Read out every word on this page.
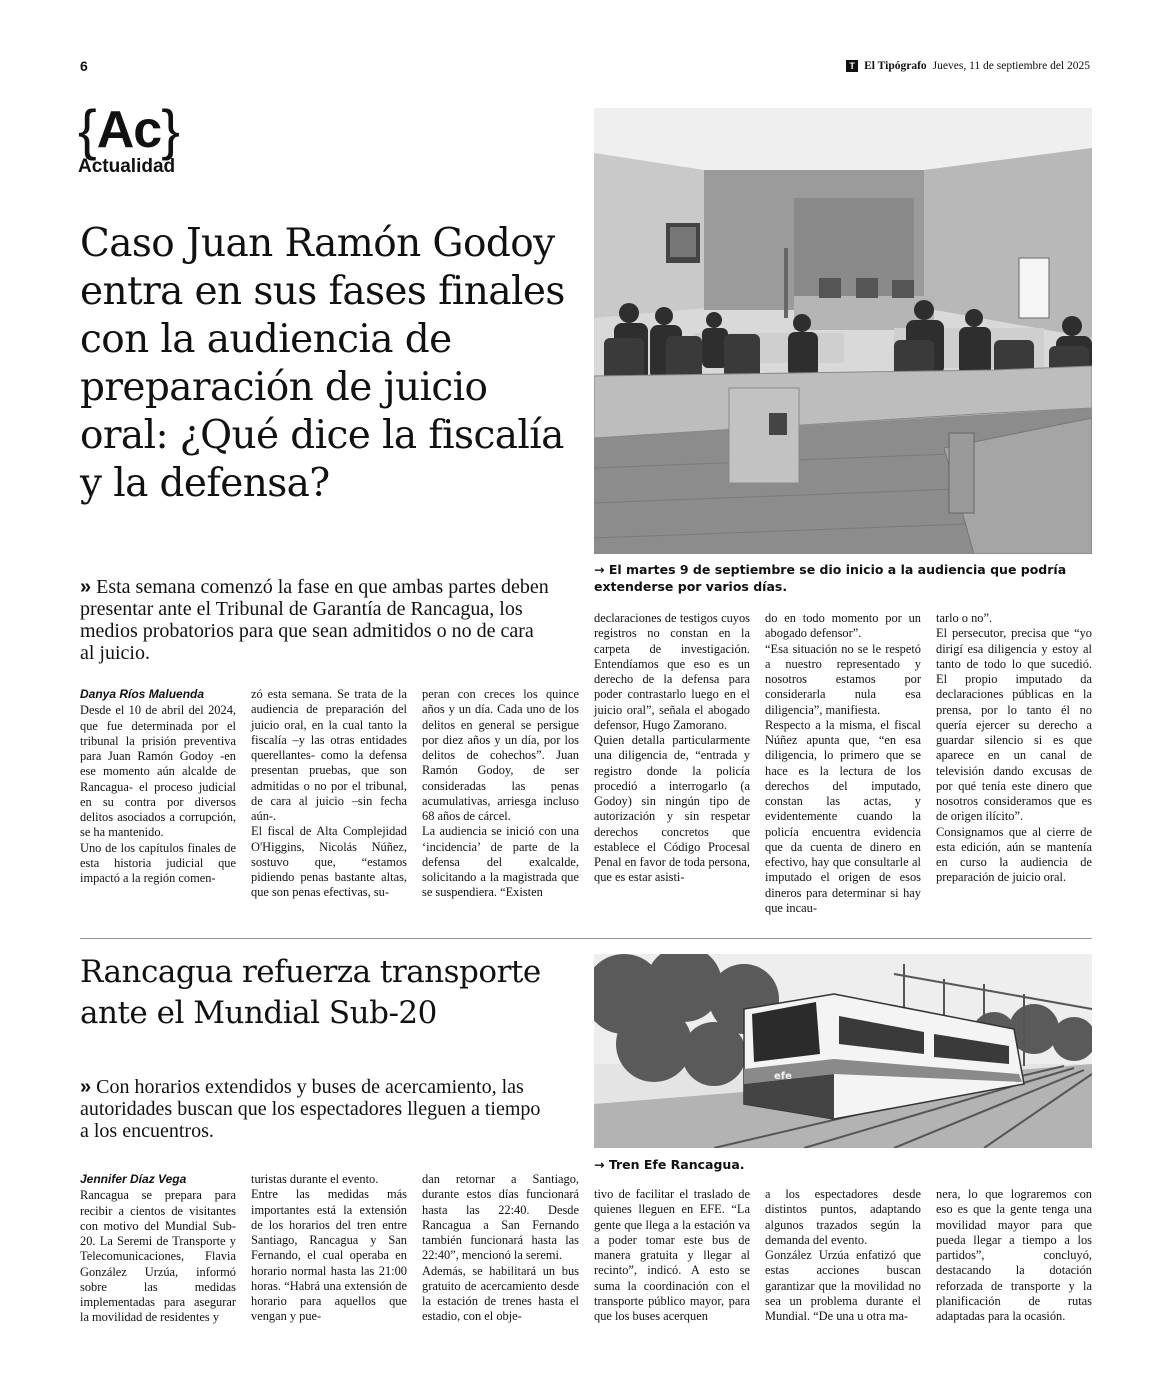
6	T El Tipógrafo Jueves, 11 de septiembre del 2025
{ Ac }
Actualidad
Caso Juan Ramón Godoy entra en sus fases finales con la audiencia de preparación de juicio oral: ¿Qué dice la fiscalía y la defensa?
→ El martes 9 de septiembre se dio inicio a la audiencia que podría extenderse por varios días.
» Esta semana comenzó la fase en que ambas partes deben presentar ante el Tribunal de Garantía de Rancagua, los medios probatorios para que sean admitidos o no de cara al juicio.

Danya Ríos Maluenda

Desde el 10 de abril del 2024, que fue determinada por el tribunal la prisión preventiva para Juan Ramón Godoy -en ese momento aún alcalde de Rancagua- el proceso judicial en su contra por diversos delitos asociados a corrupción, se ha mantenido.

Uno de los capítulos finales de esta historia judicial que impactó a la región comen-

zó esta semana. Se trata de la audiencia de preparación del juicio oral, en la cual tanto la fiscalía –y las otras entidades querellantes- como la defensa presentan pruebas, que son admitidas o no por el tribunal, de cara al juicio –sin fecha aún-.

El fiscal de Alta Complejidad O'Higgins, Nicolás Núñez, sostuvo que, “estamos pidiendo penas bastante altas, que son penas efectivas, su-

peran con creces los quince años y un día. Cada uno de los delitos en general se persigue por diez años y un día, por los delitos de cohechos”. Juan Ramón Godoy, de ser consideradas las penas acumulativas, arriesga incluso 68 años de cárcel.

La audiencia se inició con una ‘incidencia’ de parte de la defensa del exalcalde, solicitando a la magistrada que se suspendiera. “Existen

declaraciones de testigos cuyos registros no constan en la carpeta de investigación. Entendíamos que eso es un derecho de la defensa para poder contrastarlo luego en el juicio oral”, señala el abogado defensor, Hugo Zamorano.

Quien detalla particularmente una diligencia de, “entrada y registro donde la policía procedió a interrogarlo (a Godoy) sin ningún tipo de autorización y sin respetar derechos concretos que establece el Código Procesal Penal en favor de toda persona, que es estar asisti-

do en todo momento por un abogado defensor”.

“Esa situación no se le respetó a nuestro representado y nosotros estamos por considerarla nula esa diligencia”, manifiesta.

Respecto a la misma, el fiscal Núñez apunta que, “en esa diligencia, lo primero que se hace es la lectura de los derechos del imputado, constan las actas, y evidentemente cuando la policía encuentra evidencia que da cuenta de dinero en efectivo, hay que consultarle al imputado el origen de esos dineros para determinar si hay que incau-

tarlo o no”.

El persecutor, precisa que “yo dirigí esa diligencia y estoy al tanto de todo lo que sucedió. El propio imputado da declaraciones públicas en la prensa, por lo tanto él no quería ejercer su derecho a guardar silencio si es que aparece en un canal de televisión dando excusas de por qué tenía este dinero que nosotros consideramos que es de origen ilícito”.

Consignamos que al cierre de esta edición, aún se mantenía en curso la audiencia de preparación de juicio oral.

Rancagua refuerza transporte ante el Mundial Sub-20
efe
→ Tren Efe Rancagua.
» Con horarios extendidos y buses de acercamiento, las autoridades buscan que los espectadores lleguen a tiempo a los encuentros.

Jennifer Díaz Vega

Rancagua se prepara para recibir a cientos de visitantes con motivo del Mundial Sub-20. La Seremi de Transporte y Telecomunicaciones, Flavia González Urzúa, informó sobre las medidas implementadas para asegurar la movilidad de residentes y

turistas durante el evento.

Entre las medidas más importantes está la extensión de los horarios del tren entre Santiago, Rancagua y San Fernando, el cual operaba en horario normal hasta las 21:00 horas. “Habrá una extensión de horario para aquellos que vengan y pue-

dan retornar a Santiago, durante estos días funcionará hasta las 22:40. Desde Rancagua a San Fernando también funcionará hasta las 22:40”, mencionó la seremi.

Además, se habilitará un bus gratuito de acercamiento desde la estación de trenes hasta el estadio, con el obje-

tivo de facilitar el traslado de quienes lleguen en EFE. “La gente que llega a la estación va a poder tomar este bus de manera gratuita y llegar al recinto”, indicó. A esto se suma la coordinación con el transporte público mayor, para que los buses acerquen

a los espectadores desde distintos puntos, adaptando algunos trazados según la demanda del evento.

González Urzúa enfatizó que estas acciones buscan garantizar que la movilidad no sea un problema durante el Mundial. “De una u otra ma-

nera, lo que lograremos con eso es que la gente tenga una movilidad mayor para que pueda llegar a tiempo a los partidos”, concluyó, destacando la dotación reforzada de transporte y la planificación de rutas adaptadas para la ocasión.
